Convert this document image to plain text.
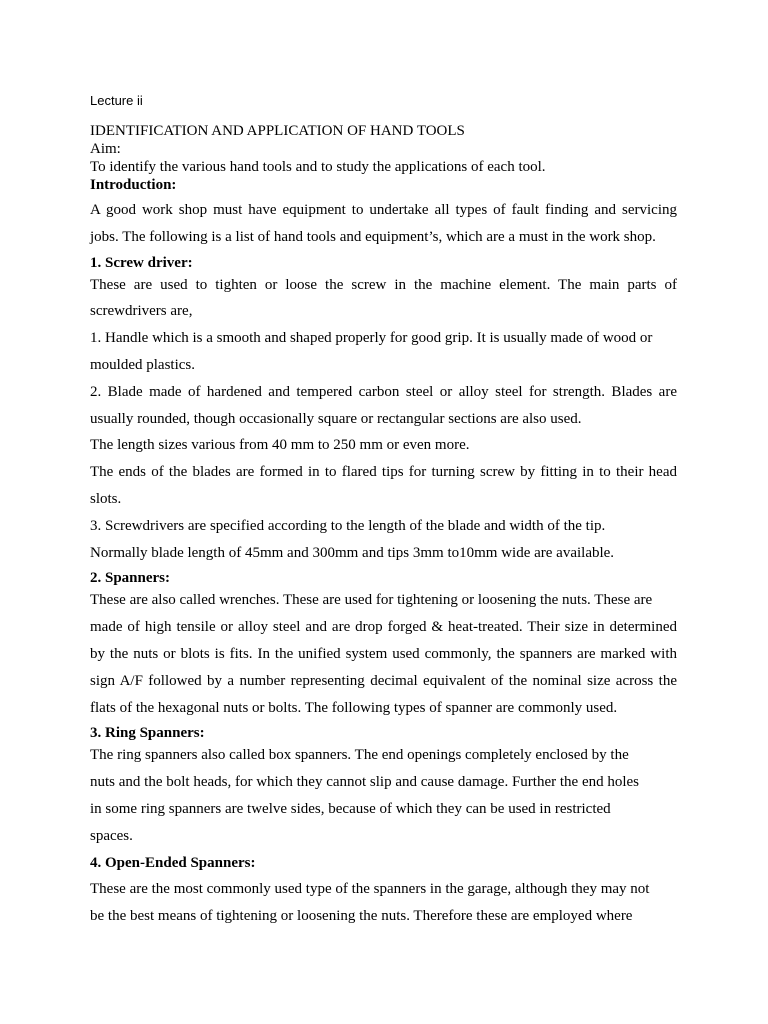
Lecture ii
IDENTIFICATION AND APPLICATION OF HAND TOOLS
Aim:
To identify the various hand tools and to study the applications of each tool.
Introduction:
A good work shop must have equipment to undertake all types of fault finding and servicing
jobs. The following is a list of hand tools and equipment’s, which are a must in the work shop.
1. Screw driver:
These are used to tighten or loose the screw in the machine element. The main parts of
screwdrivers are,
1. Handle which is a smooth and shaped properly for good grip. It is usually made of wood or
moulded plastics.
2. Blade made of hardened and tempered carbon steel or alloy steel for strength. Blades are
usually rounded, though occasionally square or rectangular sections are also used.
The length sizes various from 40 mm to 250 mm or even more.
The ends of the blades are formed in to flared tips for turning screw by fitting in to their head
slots.
3. Screwdrivers are specified according to the length of the blade and width of the tip.
Normally blade length of 45mm and 300mm and tips 3mm to10mm wide are available.
2. Spanners:
These are also called wrenches. These are used for tightening or loosening the nuts. These are
made of high tensile or alloy steel and are drop forged & heat-treated. Their size in determined
by the nuts or blots is fits. In the unified system used commonly, the spanners are marked with
sign A/F followed by a number representing decimal equivalent of the nominal size across the
flats of the hexagonal nuts or bolts. The following types of spanner are commonly used.
3. Ring Spanners:
The ring spanners also called box spanners. The end openings completely enclosed by the
nuts and the bolt heads, for which they cannot slip and cause damage. Further the end holes
in some ring spanners are twelve sides, because of which they can be used in restricted
spaces.
4. Open-Ended Spanners:
These are the most commonly used type of the spanners in the garage, although they may not
be the best means of tightening or loosening the nuts. Therefore these are employed where
